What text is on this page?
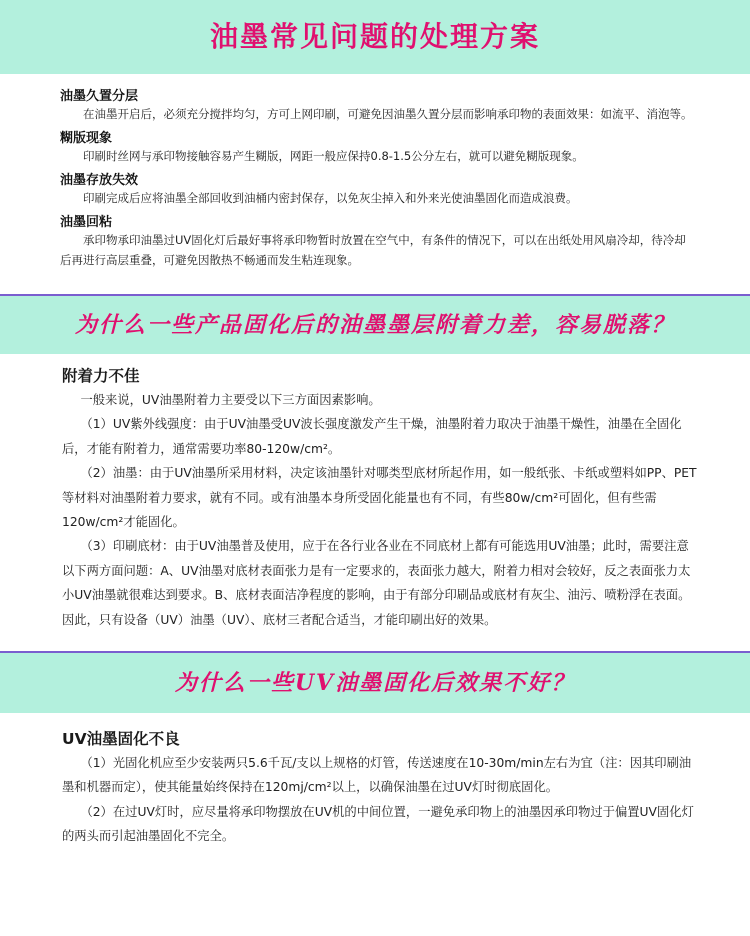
油墨常见问题的处理方案
油墨久置分层
在油墨开启后，必须充分搅拌均匀，方可上网印刷，可避免因油墨久置分层而影响承印物的表面效果：如流平、消泡等。
糊版现象
印刷时丝网与承印物接触容易产生糊版，网距一般应保持0.8-1.5公分左右，就可以避免糊版现象。
油墨存放失效
印刷完成后应将油墨全部回收到油桶内密封保存，以免灰尘掉入和外来光使油墨固化而造成浪费。
油墨回粘
承印物承印油墨过UV固化灯后最好事将承印物暂时放置在空气中，有条件的情况下，可以在出纸处用风扇冷却，待冷却后再进行高层重叠，可避免因散热不畅通而发生粘连现象。
为什么一些产品固化后的油墨墨层附着力差，容易脱落？
附着力不佳
一般来说，UV油墨附着力主要受以下三方面因素影响。
（1）UV紫外线强度：由于UV油墨受UV波长强度激发产生干燥，油墨附着力取决于油墨干燥性，油墨在全固化后，才能有附着力，通常需要功率80-120w/cm²。
（2）油墨：由于UV油墨所采用材料，决定该油墨针对哪类型底材所起作用，如一般纸张、卡纸或塑料如PP、PET等材料对油墨附着力要求，就有不同。或有油墨本身所受固化能量也有不同，有些80w/cm²可固化，但有些需120w/cm²才能固化。
（3）印刷底材：由于UV油墨普及使用，应于在各行业各业在不同底材上都有可能选用UV油墨；此时，需要注意以下两方面问题：A、UV油墨对底材表面张力是有一定要求的，表面张力越大，附着力相对会较好，反之表面张力太小UV油墨就很难达到要求。B、底材表面洁净程度的影响，由于有部分印刷品或底材有灰尘、油污、喷粉浮在表面。因此，只有设备（UV）油墨（UV）、底材三者配合适当，才能印刷出好的效果。
为什么一些UV油墨固化后效果不好？
UV油墨固化不良
（1）光固化机应至少安装两只5.6千瓦/支以上规格的灯管，传送速度在10-30m/min左右为宜（注：因其印刷油墨和机器而定），使其能量始终保持在120mj/cm²以上，以确保油墨在过UV灯时彻底固化。
（2）在过UV灯时，应尽量将承印物摆放在UV机的中间位置，一避免承印物上的油墨因承印物过于偏置UV固化灯的两头而引起油墨固化不完全。
